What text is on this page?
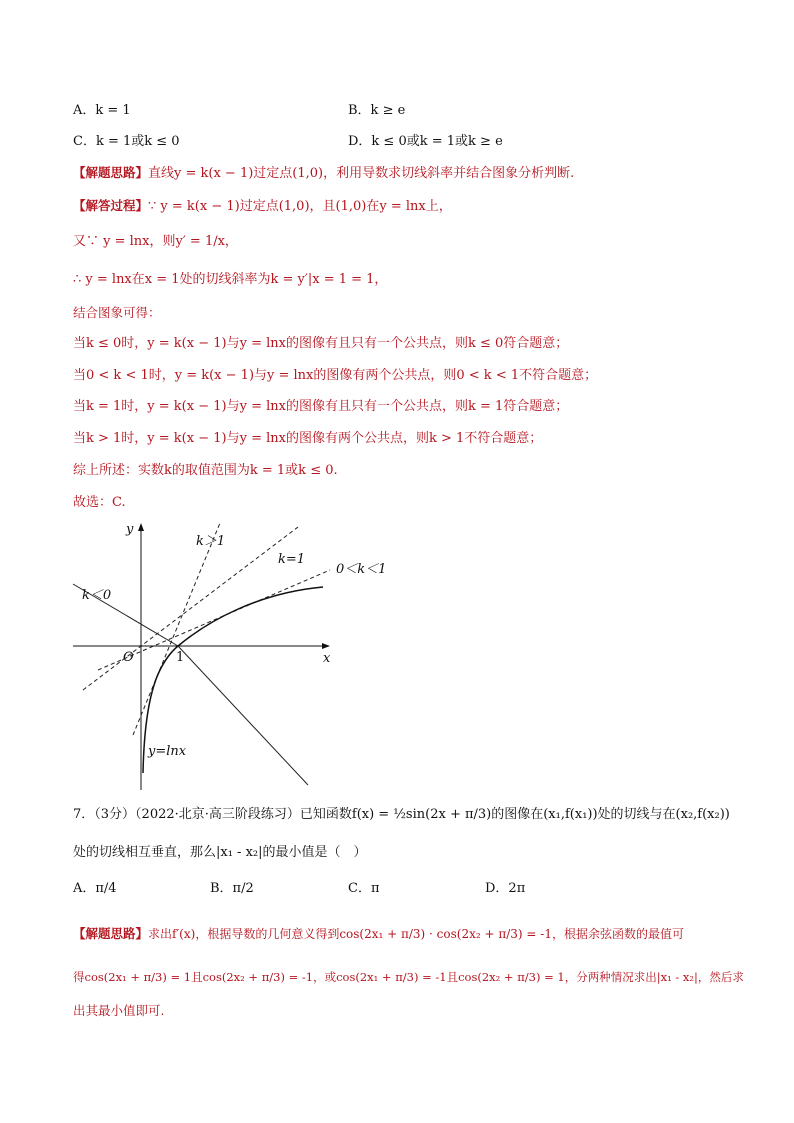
A．k = 1	B．k ≥ e
C．k = 1或k ≤ 0	D．k ≤ 0或k = 1或k ≥ e
【解题思路】直线y = k(x − 1)过定点(1,0)，利用导数求切线斜率并结合图象分析判断.
【解答过程】∵ y = k(x − 1)过定点(1,0)，且(1,0)在y = lnx上，
又∵ y = lnx，则y′ = 1/x，
∴ y = lnx在x = 1处的切线斜率为k = y′|x = 1 = 1，
结合图象可得：
当k ≤ 0时，y = k(x − 1)与y = lnx的图像有且只有一个公共点，则k ≤ 0符合题意；
当0 < k < 1时，y = k(x − 1)与y = lnx的图像有两个公共点，则0 < k < 1不符合题意；
当k = 1时，y = k(x − 1)与y = lnx的图像有且只有一个公共点，则k = 1符合题意；
当k > 1时，y = k(x − 1)与y = lnx的图像有两个公共点，则k > 1不符合题意；
综上所述：实数k的取值范围为k = 1或k ≤ 0.
故选：C.
y
x
O	1
k＞1
k=1
0＜k＜1
k＜0
y=lnx
7．（3分）（2022·北京·高三阶段练习）已知函数f(x) = ½sin(2x + π/3)的图像在(x₁,f(x₁))处的切线与在(x₂,f(x₂))
处的切线相互垂直，那么|x₁ - x₂|的最小值是（　）
A．π/4	B．π/2	C．π	D．2π
【解题思路】求出f′(x)，根据导数的几何意义得到cos(2x₁ + π/3) · cos(2x₂ + π/3) = -1，根据余弦函数的最值可
得cos(2x₁ + π/3) = 1且cos(2x₂ + π/3) = -1，或cos(2x₁ + π/3) = -1且cos(2x₂ + π/3) = 1，分两种情况求出|x₁ - x₂|，然后求
出其最小值即可.
